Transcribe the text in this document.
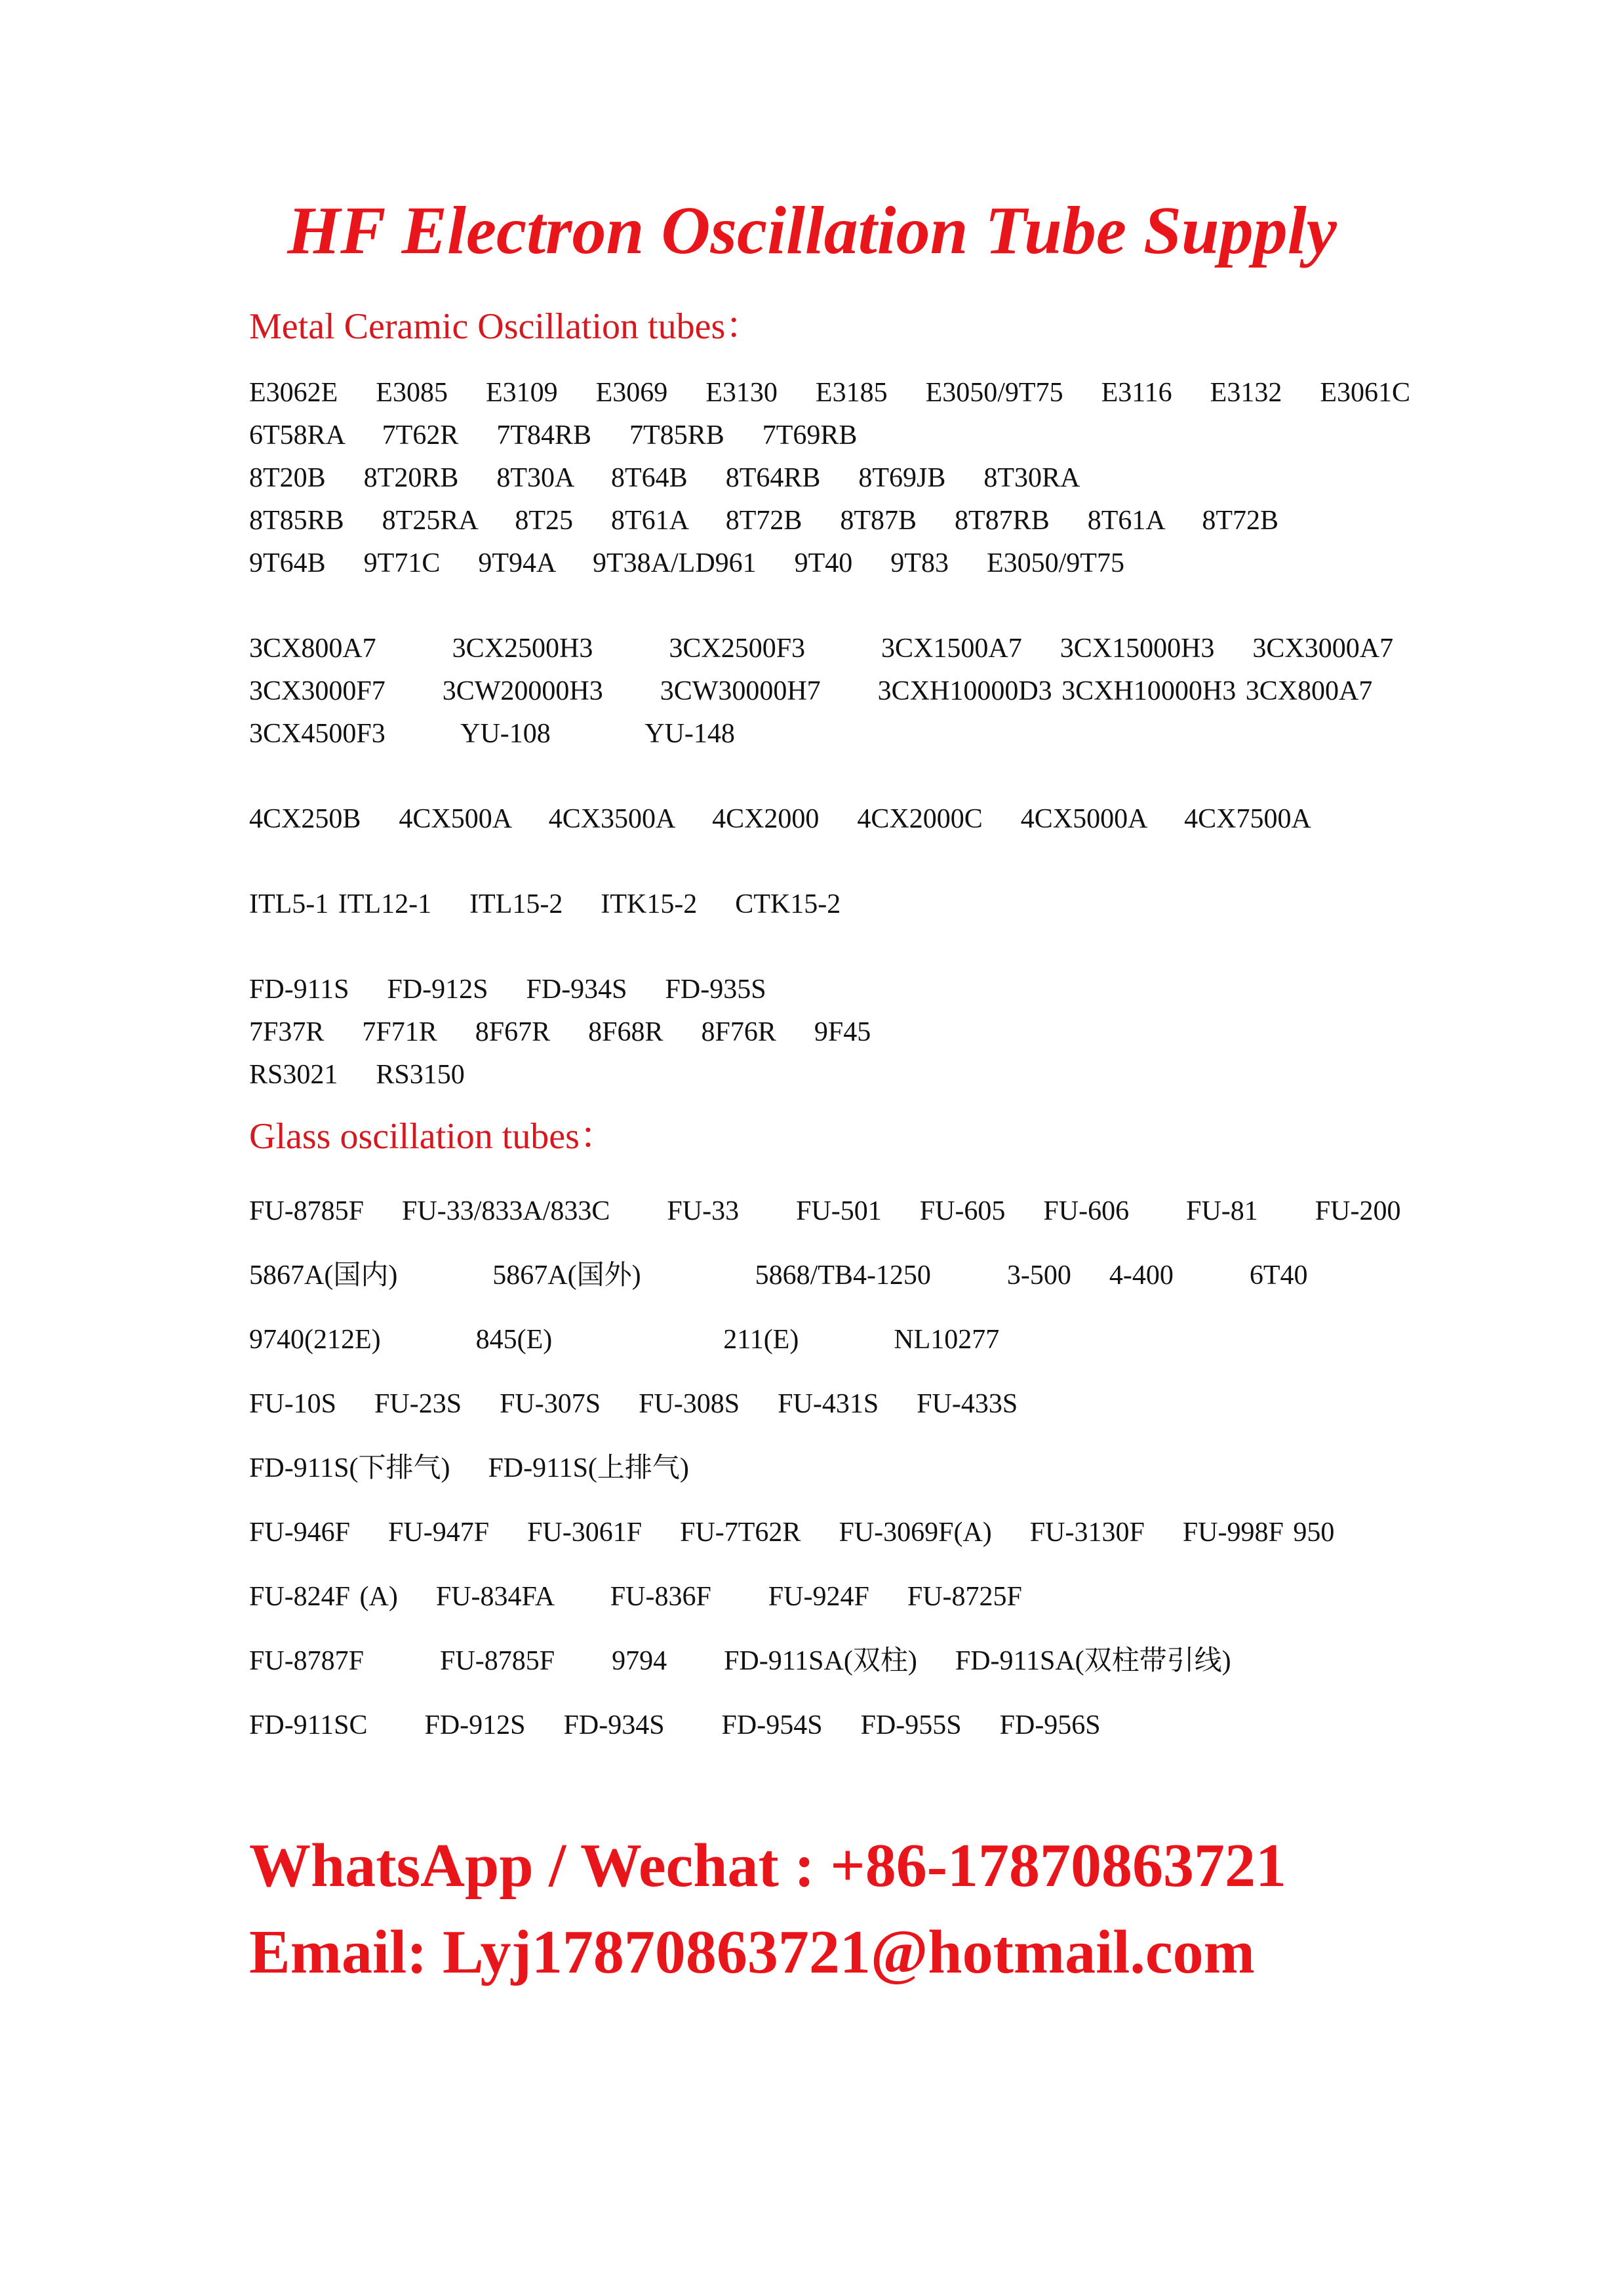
HF Electron Oscillation Tube Supply
Metal Ceramic Oscillation tubes：

E3062E    E3085    E3109    E3069    E3130    E3185    E3050/9T75    E3116    E3132    E3061C

6T58RA    7T62R    7T84RB    7T85RB    7T69RB

8T20B    8T20RB    8T30A    8T64B    8T64RB    8T69JB    8T30RA

8T85RB    8T25RA    8T25    8T61A    8T72B    8T87B    8T87RB    8T61A    8T72B

9T64B    9T71C    9T94A    9T38A/LD961    9T40    9T83    E3050/9T75

3CX800A7        3CX2500H3        3CX2500F3        3CX1500A7    3CX15000H3    3CX3000A7

3CX3000F7      3CW20000H3      3CW30000H7      3CXH10000D3 3CXH10000H3 3CX800A7

3CX4500F3        YU-108          YU-148

4CX250B    4CX500A    4CX3500A    4CX2000    4CX2000C    4CX5000A    4CX7500A

ITL5-1 ITL12-1    ITL15-2    ITK15-2    CTK15-2

FD-911S    FD-912S    FD-934S    FD-935S

7F37R    7F71R    8F67R    8F68R    8F76R    9F45

RS3021    RS3150

Glass oscillation tubes：

FU-8785F    FU-33/833A/833C      FU-33      FU-501    FU-605    FU-606      FU-81      FU-200

5867A(国内)          5867A(国外)            5868/TB4-1250        3-500    4-400        6T40

9740(212E)          845(E)                  211(E)          NL10277

FU-10S    FU-23S    FU-307S    FU-308S    FU-431S    FU-433S

FD-911S(下排气)    FD-911S(上排气)

FU-946F    FU-947F    FU-3061F    FU-7T62R    FU-3069F(A)    FU-3130F    FU-998F 950

FU-824F (A)    FU-834FA      FU-836F      FU-924F    FU-8725F

FU-8787F        FU-8785F      9794      FD-911SA(双柱)    FD-911SA(双柱带引线)

FD-911SC      FD-912S    FD-934S      FD-954S    FD-955S    FD-956S

WhatsApp / Wechat : +86-17870863721

Email: Lyj17870863721@hotmail.com
